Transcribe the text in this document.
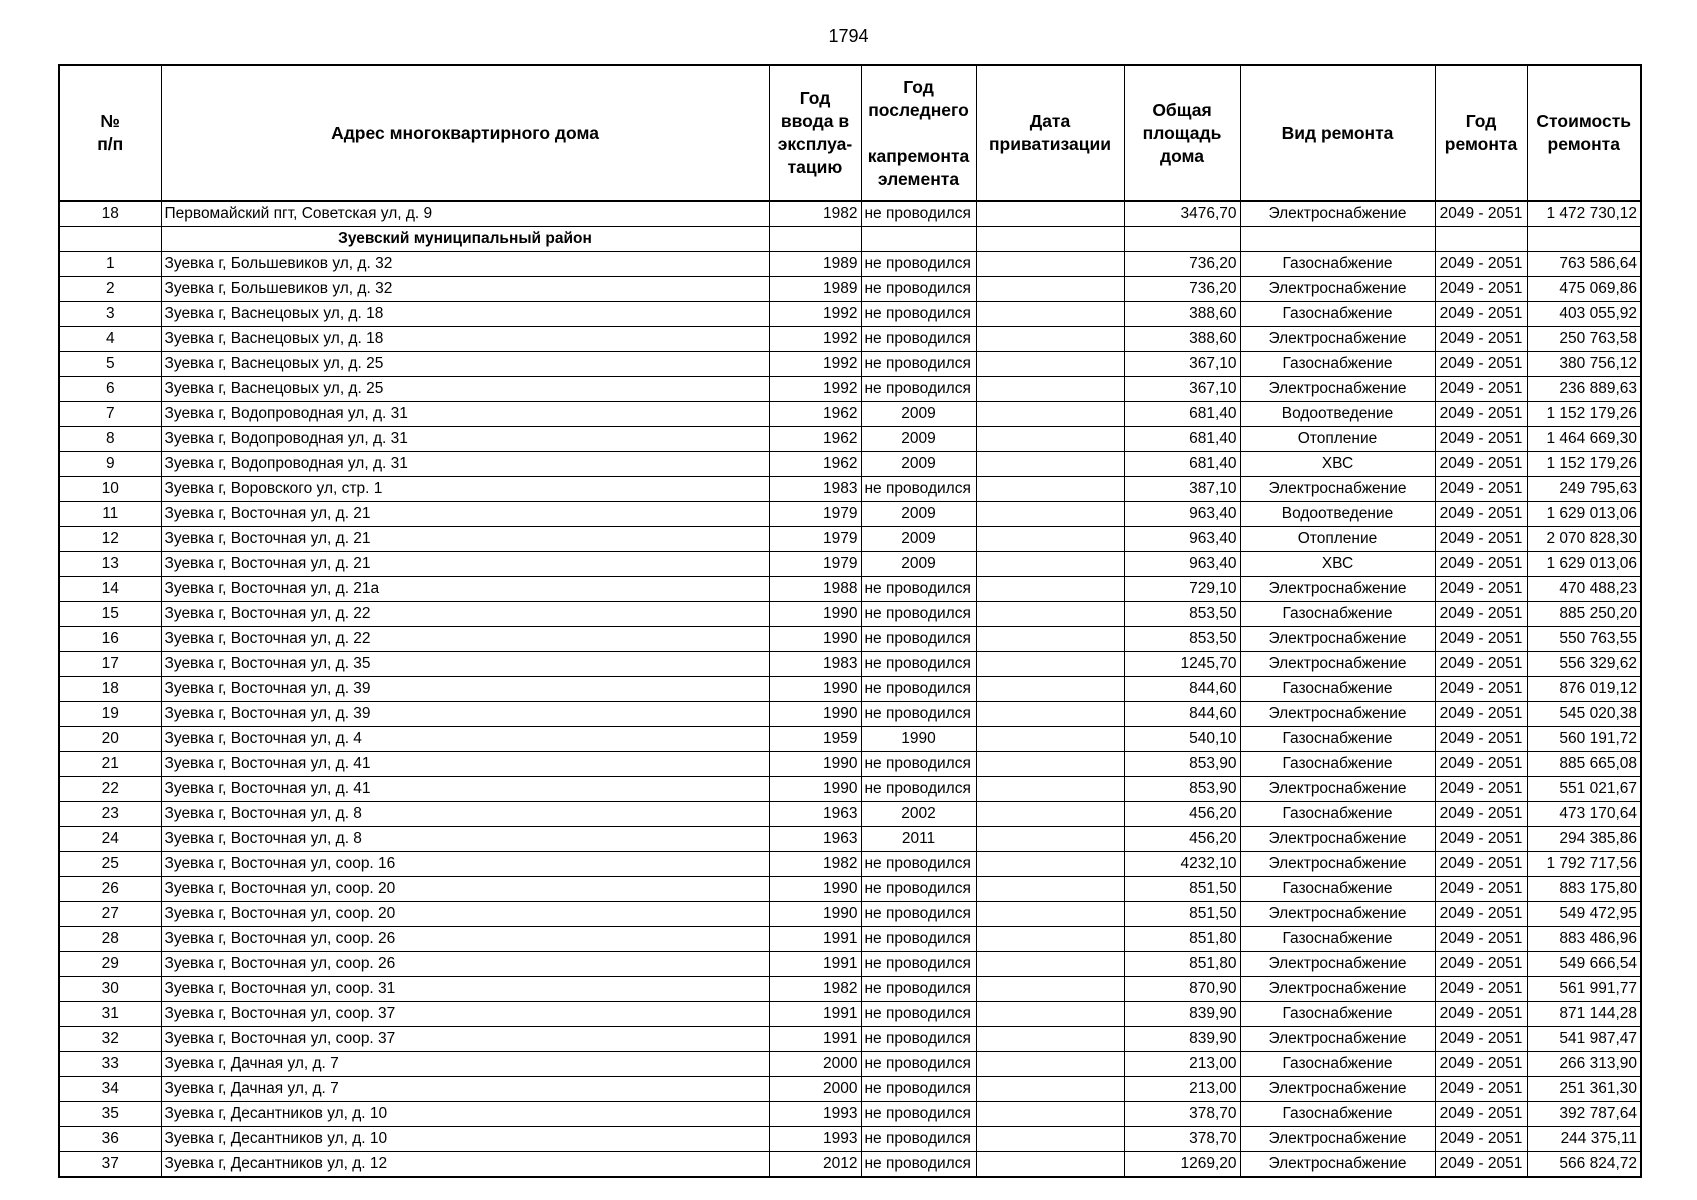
1794
№
п/п	Адрес многоквартирного дома	Год
ввода в
эксплуа-
тацию	Год
последнего

капремонта
элемента	Дата
приватизации	Общая
площадь
дома	Вид ремонта	Год
ремонта	Стоимость
ремонта

18	Первомайский пгт, Советская ул, д. 9	1982	не проводился		3476,70	Электроснабжение	2049 - 2051	1 472 730,12
	Зуевский муниципальный район							
1	Зуевка г, Большевиков ул, д. 32	1989	не проводился		736,20	Газоснабжение	2049 - 2051	763 586,64
2	Зуевка г, Большевиков ул, д. 32	1989	не проводился		736,20	Электроснабжение	2049 - 2051	475 069,86
3	Зуевка г, Васнецовых ул, д. 18	1992	не проводился		388,60	Газоснабжение	2049 - 2051	403 055,92
4	Зуевка г, Васнецовых ул, д. 18	1992	не проводился		388,60	Электроснабжение	2049 - 2051	250 763,58
5	Зуевка г, Васнецовых ул, д. 25	1992	не проводился		367,10	Газоснабжение	2049 - 2051	380 756,12
6	Зуевка г, Васнецовых ул, д. 25	1992	не проводился		367,10	Электроснабжение	2049 - 2051	236 889,63
7	Зуевка г, Водопроводная ул, д. 31	1962	2009		681,40	Водоотведение	2049 - 2051	1 152 179,26
8	Зуевка г, Водопроводная ул, д. 31	1962	2009		681,40	Отопление	2049 - 2051	1 464 669,30
9	Зуевка г, Водопроводная ул, д. 31	1962	2009		681,40	ХВС	2049 - 2051	1 152 179,26
10	Зуевка г, Воровского ул, стр. 1	1983	не проводился		387,10	Электроснабжение	2049 - 2051	249 795,63
11	Зуевка г, Восточная ул, д. 21	1979	2009		963,40	Водоотведение	2049 - 2051	1 629 013,06
12	Зуевка г, Восточная ул, д. 21	1979	2009		963,40	Отопление	2049 - 2051	2 070 828,30
13	Зуевка г, Восточная ул, д. 21	1979	2009		963,40	ХВС	2049 - 2051	1 629 013,06
14	Зуевка г, Восточная ул, д. 21а	1988	не проводился		729,10	Электроснабжение	2049 - 2051	470 488,23
15	Зуевка г, Восточная ул, д. 22	1990	не проводился		853,50	Газоснабжение	2049 - 2051	885 250,20
16	Зуевка г, Восточная ул, д. 22	1990	не проводился		853,50	Электроснабжение	2049 - 2051	550 763,55
17	Зуевка г, Восточная ул, д. 35	1983	не проводился		1245,70	Электроснабжение	2049 - 2051	556 329,62
18	Зуевка г, Восточная ул, д. 39	1990	не проводился		844,60	Газоснабжение	2049 - 2051	876 019,12
19	Зуевка г, Восточная ул, д. 39	1990	не проводился		844,60	Электроснабжение	2049 - 2051	545 020,38
20	Зуевка г, Восточная ул, д. 4	1959	1990		540,10	Газоснабжение	2049 - 2051	560 191,72
21	Зуевка г, Восточная ул, д. 41	1990	не проводился		853,90	Газоснабжение	2049 - 2051	885 665,08
22	Зуевка г, Восточная ул, д. 41	1990	не проводился		853,90	Электроснабжение	2049 - 2051	551 021,67
23	Зуевка г, Восточная ул, д. 8	1963	2002		456,20	Газоснабжение	2049 - 2051	473 170,64
24	Зуевка г, Восточная ул, д. 8	1963	2011		456,20	Электроснабжение	2049 - 2051	294 385,86
25	Зуевка г, Восточная ул, соор. 16	1982	не проводился		4232,10	Электроснабжение	2049 - 2051	1 792 717,56
26	Зуевка г, Восточная ул, соор. 20	1990	не проводился		851,50	Газоснабжение	2049 - 2051	883 175,80
27	Зуевка г, Восточная ул, соор. 20	1990	не проводился		851,50	Электроснабжение	2049 - 2051	549 472,95
28	Зуевка г, Восточная ул, соор. 26	1991	не проводился		851,80	Газоснабжение	2049 - 2051	883 486,96
29	Зуевка г, Восточная ул, соор. 26	1991	не проводился		851,80	Электроснабжение	2049 - 2051	549 666,54
30	Зуевка г, Восточная ул, соор. 31	1982	не проводился		870,90	Электроснабжение	2049 - 2051	561 991,77
31	Зуевка г, Восточная ул, соор. 37	1991	не проводился		839,90	Газоснабжение	2049 - 2051	871 144,28
32	Зуевка г, Восточная ул, соор. 37	1991	не проводился		839,90	Электроснабжение	2049 - 2051	541 987,47
33	Зуевка г, Дачная ул, д. 7	2000	не проводился		213,00	Газоснабжение	2049 - 2051	266 313,90
34	Зуевка г, Дачная ул, д. 7	2000	не проводился		213,00	Электроснабжение	2049 - 2051	251 361,30
35	Зуевка г, Десантников ул, д. 10	1993	не проводился		378,70	Газоснабжение	2049 - 2051	392 787,64
36	Зуевка г, Десантников ул, д. 10	1993	не проводился		378,70	Электроснабжение	2049 - 2051	244 375,11
37	Зуевка г, Десантников ул, д. 12	2012	не проводился		1269,20	Электроснабжение	2049 - 2051	566 824,72
